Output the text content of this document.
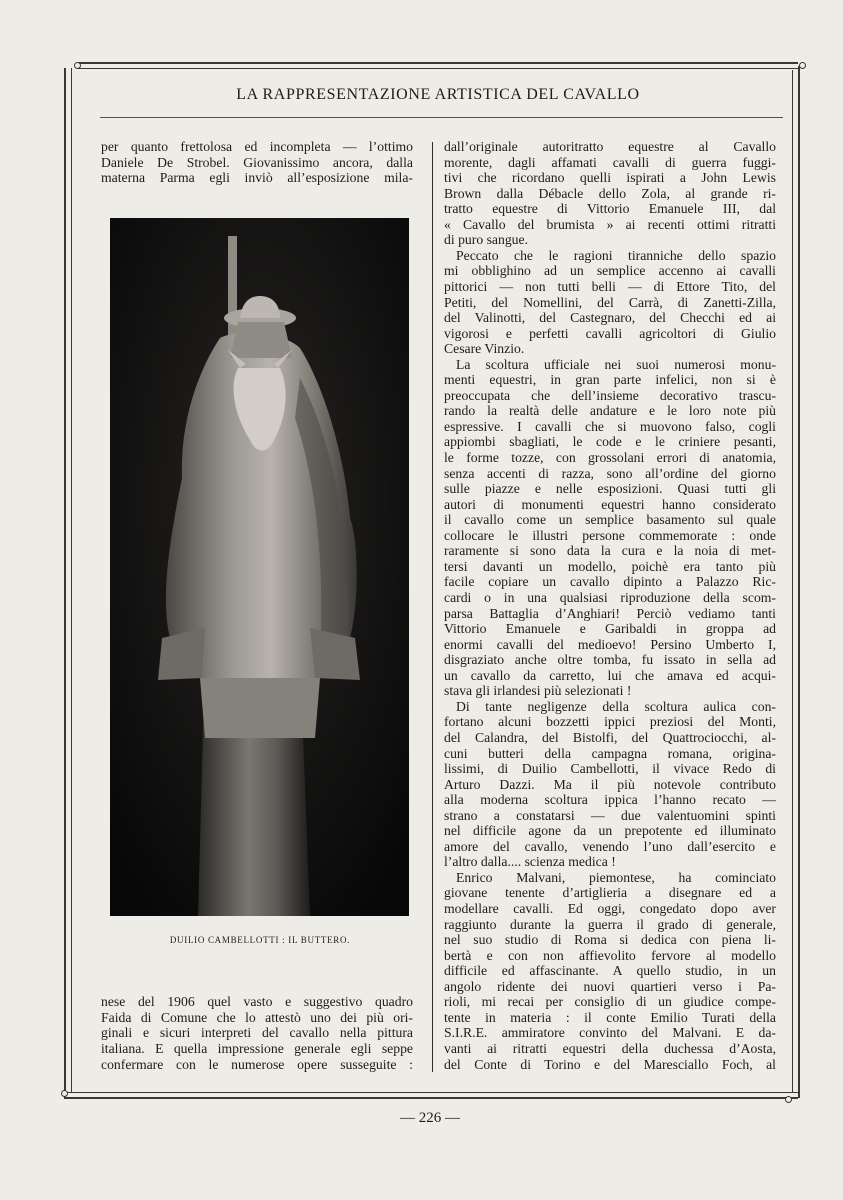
LA RAPPRESENTAZIONE ARTISTICA DEL CAVALLO
per quanto frettolosa ed incompleta — l’ottimo
Daniele De Strobel. Giovanissimo ancora, dalla
materna Parma egli inviò all’esposizione mila-
DUILIO CAMBELLOTTI : IL BUTTERO.
nese del 1906 quel vasto e suggestivo quadro
Faida di Comune che lo attestò uno dei più ori-
ginali e sicuri interpreti del cavallo nella pittura
italiana. E quella impressione generale egli seppe
confermare con le numerose opere susseguite :
dall’originale autoritratto equestre al Cavallo
morente, dagli affamati cavalli di guerra fuggi-
tivi che ricordano quelli ispirati a John Lewis
Brown dalla Débacle dello Zola, al grande ri-
tratto equestre di Vittorio Emanuele III, dal
« Cavallo del brumista » ai recenti ottimi ritratti
di puro sangue.
Peccato che le ragioni tiranniche dello spazio
mi obblighino ad un semplice accenno ai cavalli
pittorici — non tutti belli — di Ettore Tito, del
Petiti, del Nomellini, del Carrà, di Zanetti-Zilla,
del Valinotti, del Castegnaro, del Checchi ed ai
vigorosi e perfetti cavalli agricoltori di Giulio
Cesare Vinzio.
La scoltura ufficiale nei suoi numerosi monu-
menti equestri, in gran parte infelici, non si è
preoccupata che dell’insieme decorativo trascu-
rando la realtà delle andature e le loro note più
espressive. I cavalli che si muovono falso, cogli
appiombi sbagliati, le code e le criniere pesanti,
le forme tozze, con grossolani errori di anatomia,
senza accenti di razza, sono all’ordine del giorno
sulle piazze e nelle esposizioni. Quasi tutti gli
autori di monumenti equestri hanno considerato
il cavallo come un semplice basamento sul quale
collocare le illustri persone commemorate : onde
raramente si sono data la cura e la noia di met-
tersi davanti un modello, poichè era tanto più
facile copiare un cavallo dipinto a Palazzo Ric-
cardi o in una qualsiasi riproduzione della scom-
parsa Battaglia d’Anghiari! Perciò vediamo tanti
Vittorio Emanuele e Garibaldi in groppa ad
enormi cavalli del medioevo! Persino Umberto I,
disgraziato anche oltre tomba, fu issato in sella ad
un cavallo da carretto, lui che amava ed acqui-
stava gli irlandesi più selezionati !
Di tante negligenze della scoltura aulica con-
fortano alcuni bozzetti ippici preziosi del Monti,
del Calandra, del Bistolfi, del Quattrociocchi, al-
cuni butteri della campagna romana, origina-
lissimi, di Duilio Cambellotti, il vivace Redo di
Arturo Dazzi. Ma il più notevole contributo
alla moderna scoltura ippica l’hanno recato —
strano a constatarsi — due valentuomini spinti
nel difficile agone da un prepotente ed illuminato
amore del cavallo, venendo l’uno dall’esercito e
l’altro dalla.... scienza medica !
Enrico Malvani, piemontese, ha cominciato
giovane tenente d’artiglieria a disegnare ed a
modellare cavalli. Ed oggi, congedato dopo aver
raggiunto durante la guerra il grado di generale,
nel suo studio di Roma si dedica con piena li-
bertà e con non affievolito fervore al modello
difficile ed affascinante. A quello studio, in un
angolo ridente dei nuovi quartieri verso i Pa-
rioli, mi recai per consiglio di un giudice compe-
tente in materia : il conte Emilio Turati della
S.I.R.E. ammiratore convinto del Malvani. E da-
vanti ai ritratti equestri della duchessa d’Aosta,
del Conte di Torino e del Maresciallo Foch, al
— 226 —
